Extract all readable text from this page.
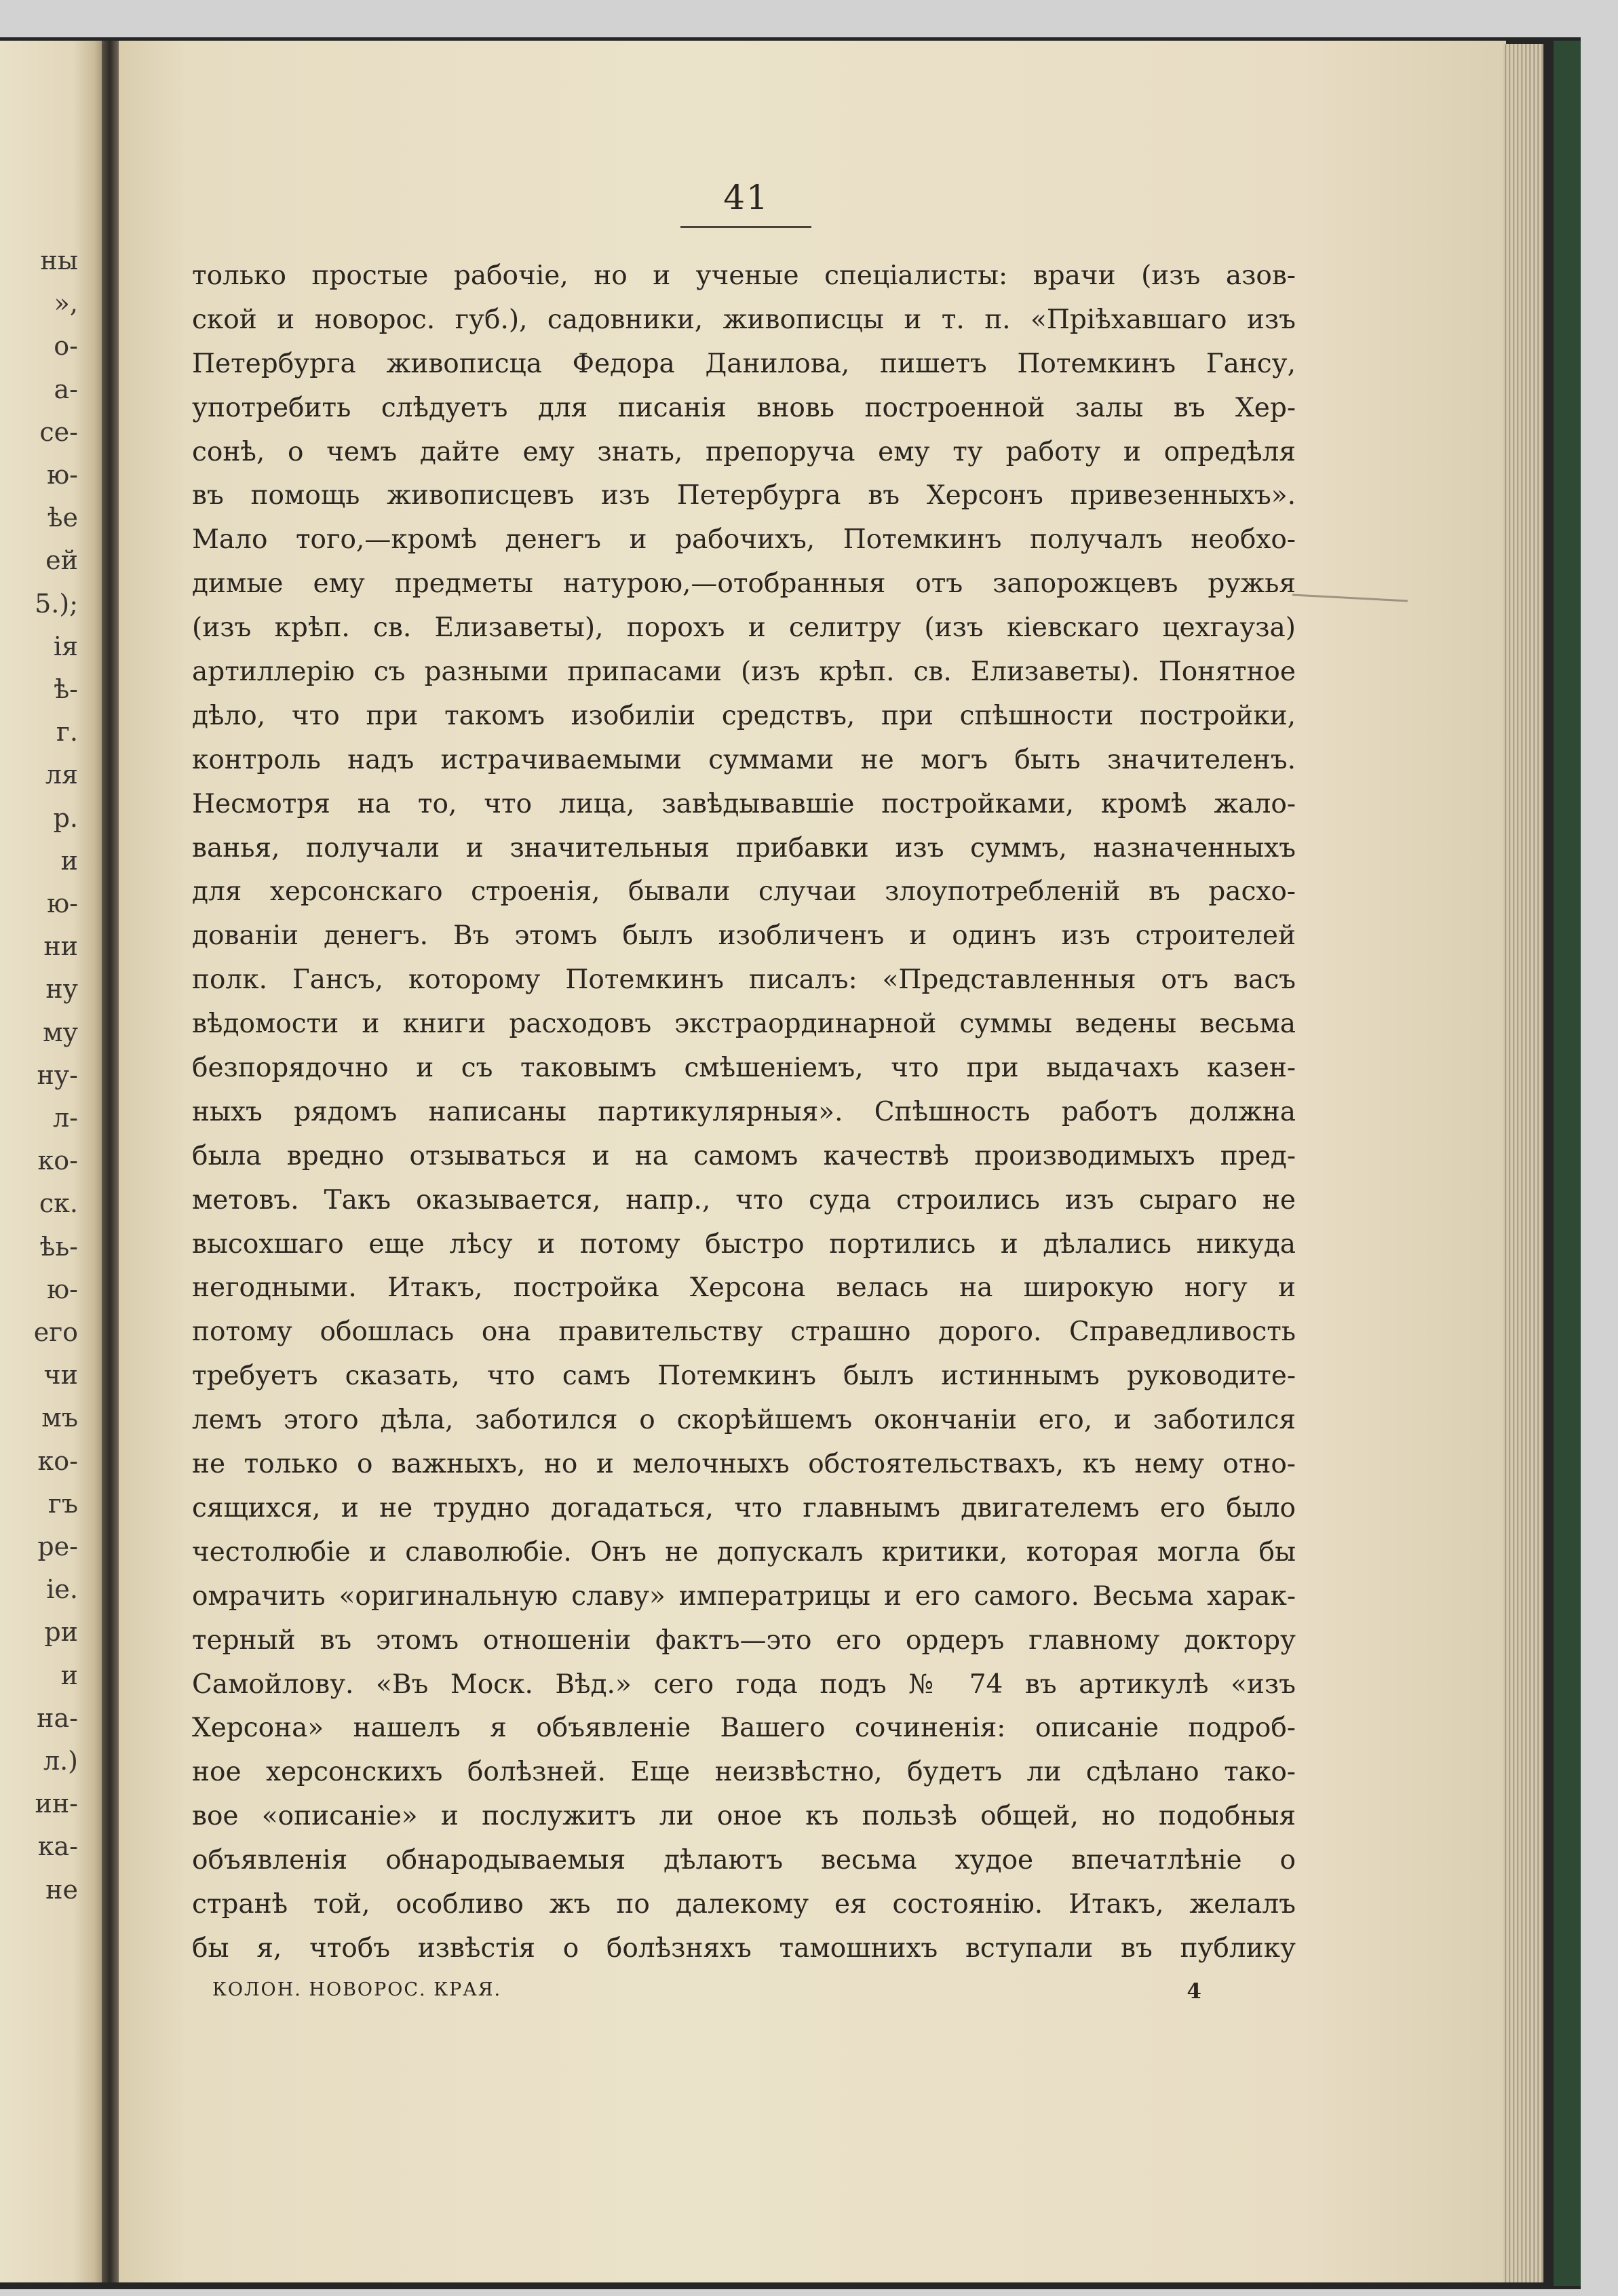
ны
»,
о-
а-
се-
ю-
ѣе
ей
5.);
ія
ѣ-
г.
ля
р.
и
ю-
ни
ну
му
ну-
л-
ко-
ск.
ѣь-
ю-
его
чи
мъ
ко-
гъ
ре-
іе.
ри
и
на-
л.)
ин-
ка-
не
41
только простые рабочіе, но и ученые спеціалисты: врачи (изъ азов-
ской и новорос. губ.), садовники, живописцы и т. п. «Пріѣхавшаго изъ
Петербурга живописца Федора Данилова, пишетъ Потемкинъ Гансу,
употребить слѣдуетъ для писанія вновь построенной залы въ Хер-
сонѣ, о чемъ дайте ему знать, препоруча ему ту работу и опредѣля
въ помощь живописцевъ изъ Петербурга въ Херсонъ привезенныхъ».
Мало того,—кромѣ денегъ и рабочихъ, Потемкинъ получалъ необхо-
димые ему предметы натурою,—отобранныя отъ запорожцевъ ружья
(изъ крѣп. св. Елизаветы), порохъ и селитру (изъ кіевскаго цехгауза)
артиллерію съ разными припасами (изъ крѣп. св. Елизаветы). Понятное
дѣло, что при такомъ изобиліи средствъ, при спѣшности постройки,
контроль надъ истрачиваемыми суммами не могъ быть значителенъ.
Несмотря на то, что лица, завѣдывавшіе постройками, кромѣ жало-
ванья, получали и значительныя прибавки изъ суммъ, назначенныхъ
для херсонскаго строенія, бывали случаи злоупотребленій въ расхо-
дованіи денегъ. Въ этомъ былъ изобличенъ и одинъ изъ строителей
полк. Гансъ, которому Потемкинъ писалъ: «Представленныя отъ васъ
вѣдомости и книги расходовъ экстраординарной суммы ведены весьма
безпорядочно и съ таковымъ смѣшеніемъ, что при выдачахъ казен-
ныхъ рядомъ написаны партикулярныя». Спѣшность работъ должна
была вредно отзываться и на самомъ качествѣ производимыхъ пред-
метовъ. Такъ оказывается, напр., что суда строились изъ сыраго не
высохшаго еще лѣсу и потому быстро портились и дѣлались никуда
негодными. Итакъ, постройка Херсона велась на широкую ногу и
потому обошлась она правительству страшно дорого. Справедливость
требуетъ сказать, что самъ Потемкинъ былъ истиннымъ руководите-
лемъ этого дѣла, заботился о скорѣйшемъ окончаніи его, и заботился
не только о важныхъ, но и мелочныхъ обстоятельствахъ, къ нему отно-
сящихся, и не трудно догадаться, что главнымъ двигателемъ его было
честолюбіе и славолюбіе. Онъ не допускалъ критики, которая могла бы
омрачить «оригинальную славу» императрицы и его самого. Весьма харак-
терный въ этомъ отношеніи фактъ—это его ордеръ главному доктору
Самойлову. «Въ Моск. Вѣд.» сего года подъ № 74 въ артикулѣ «изъ
Херсона» нашелъ я объявленіе Вашего сочиненія: описаніе подроб-
ное херсонскихъ болѣзней. Еще неизвѣстно, будетъ ли сдѣлано тако-
вое «описаніе» и послужитъ ли оное къ пользѣ общей, но подобныя
объявленія обнародываемыя дѣлаютъ весьма худое впечатлѣніе о
странѣ той, особливо жъ по далекому ея состоянію. Итакъ, желалъ
бы я, чтобъ извѣстія о болѣзняхъ тамошнихъ вступали въ публику
КОЛОН. НОВОРОС. КРАЯ.	4
